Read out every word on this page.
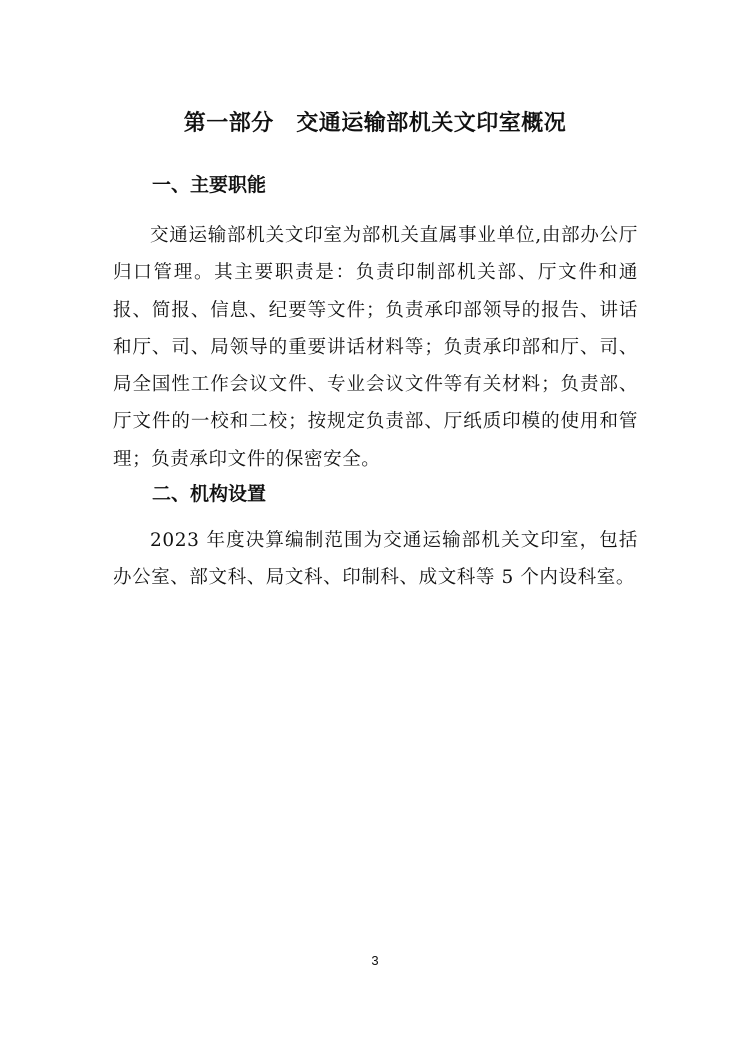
第一部分　交通运输部机关文印室概况
一、主要职能
交通运输部机关文印室为部机关直属事业单位,由部办公厅归口管理。其主要职责是：负责印制部机关部、厅文件和通报、简报、信息、纪要等文件；负责承印部领导的报告、讲话和厅、司、局领导的重要讲话材料等；负责承印部和厅、司、局全国性工作会议文件、专业会议文件等有关材料；负责部、厅文件的一校和二校；按规定负责部、厅纸质印模的使用和管理；负责承印文件的保密安全。
二、机构设置
2023 年度决算编制范围为交通运输部机关文印室，包括办公室、部文科、局文科、印制科、成文科等 5 个内设科室。
3
